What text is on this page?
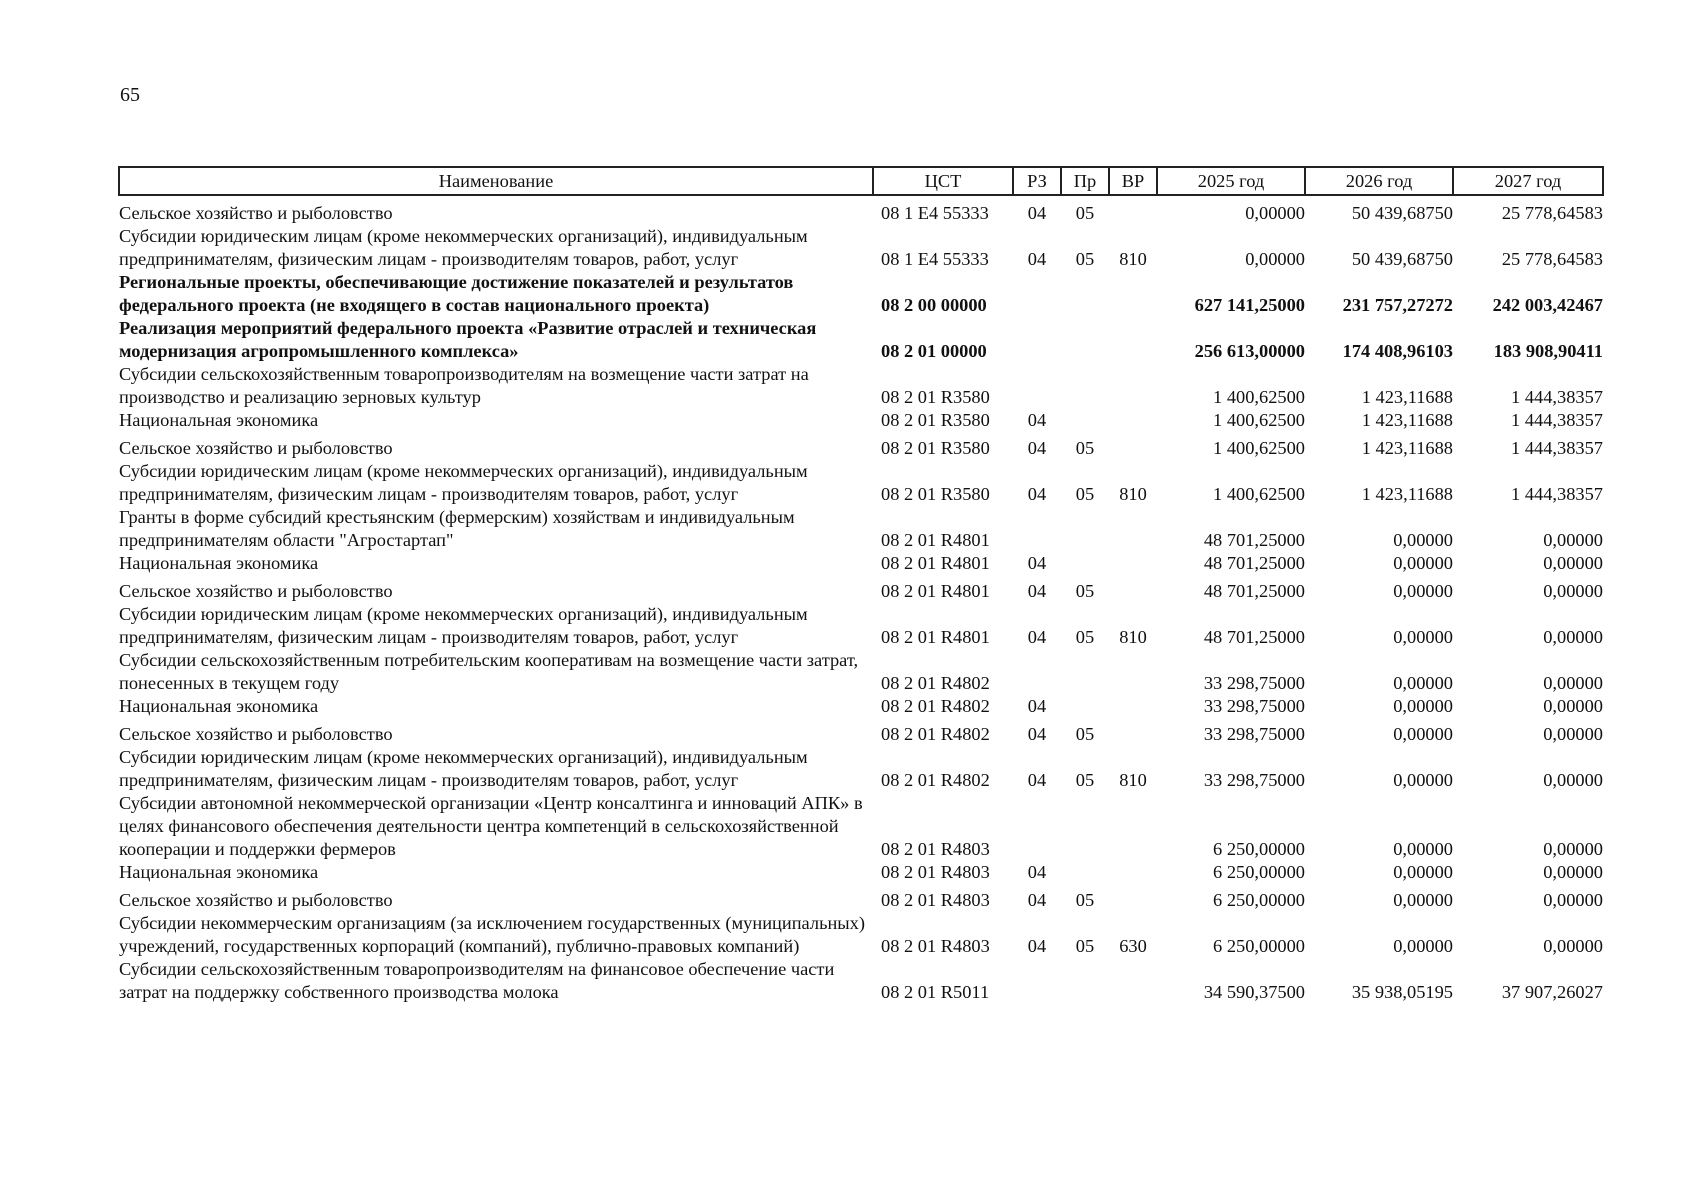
65
Наименование	ЦСТ	РЗ	Пр	ВР	2025 год	2026 год	2027 год
Сельское хозяйство и рыболовство	08 1 E4 55333	04	05		0,00000	50 439,68750	25 778,64583
Субсидии юридическим лицам (кроме некоммерческих организаций), индивидуальным предпринимателям, физическим лицам - производителям товаров, работ, услуг	08 1 E4 55333	04	05	810	0,00000	50 439,68750	25 778,64583
Региональные проекты, обеспечивающие достижение показателей и результатов федерального проекта (не входящего в состав национального проекта)	08 2 00 00000				627 141,25000	231 757,27272	242 003,42467
Реализация мероприятий федерального проекта «Развитие отраслей и техническая модернизация агропромышленного комплекса»	08 2 01 00000				256 613,00000	174 408,96103	183 908,90411
Субсидии сельскохозяйственным товаропроизводителям на возмещение части затрат на производство и реализацию зерновых культур	08 2 01 R3580				1 400,62500	1 423,11688	1 444,38357
Национальная экономика	08 2 01 R3580	04			1 400,62500	1 423,11688	1 444,38357
Сельское хозяйство и рыболовство	08 2 01 R3580	04	05		1 400,62500	1 423,11688	1 444,38357
Субсидии юридическим лицам (кроме некоммерческих организаций), индивидуальным предпринимателям, физическим лицам - производителям товаров, работ, услуг	08 2 01 R3580	04	05	810	1 400,62500	1 423,11688	1 444,38357
Гранты в форме субсидий крестьянским (фермерским) хозяйствам и индивидуальным предпринимателям области "Агростартап"	08 2 01 R4801				48 701,25000	0,00000	0,00000
Национальная экономика	08 2 01 R4801	04			48 701,25000	0,00000	0,00000
Сельское хозяйство и рыболовство	08 2 01 R4801	04	05		48 701,25000	0,00000	0,00000
Субсидии юридическим лицам (кроме некоммерческих организаций), индивидуальным предпринимателям, физическим лицам - производителям товаров, работ, услуг	08 2 01 R4801	04	05	810	48 701,25000	0,00000	0,00000
Субсидии сельскохозяйственным потребительским кооперативам на возмещение части затрат, понесенных в текущем году	08 2 01 R4802				33 298,75000	0,00000	0,00000
Национальная экономика	08 2 01 R4802	04			33 298,75000	0,00000	0,00000
Сельское хозяйство и рыболовство	08 2 01 R4802	04	05		33 298,75000	0,00000	0,00000
Субсидии юридическим лицам (кроме некоммерческих организаций), индивидуальным предпринимателям, физическим лицам - производителям товаров, работ, услуг	08 2 01 R4802	04	05	810	33 298,75000	0,00000	0,00000
Субсидии автономной некоммерческой организации «Центр консалтинга и инноваций АПК» в целях финансового обеспечения деятельности центра компетенций в сельскохозяйственной кооперации и поддержки фермеров	08 2 01 R4803				6 250,00000	0,00000	0,00000
Национальная экономика	08 2 01 R4803	04			6 250,00000	0,00000	0,00000
Сельское хозяйство и рыболовство	08 2 01 R4803	04	05		6 250,00000	0,00000	0,00000
Субсидии некоммерческим организациям (за исключением государственных (муниципальных) учреждений, государственных корпораций (компаний), публично-правовых компаний)	08 2 01 R4803	04	05	630	6 250,00000	0,00000	0,00000
Субсидии сельскохозяйственным товаропроизводителям на финансовое обеспечение части затрат на поддержку собственного производства молока	08 2 01 R5011				34 590,37500	35 938,05195	37 907,26027
